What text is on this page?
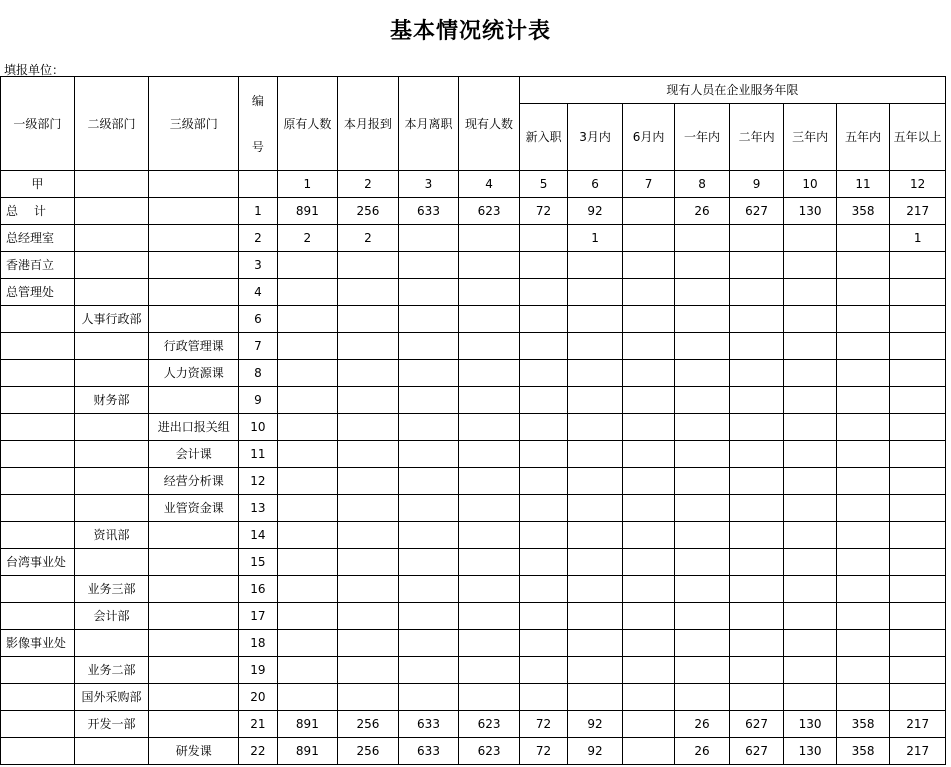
基本情况统计表
填报单位：
一级部门	二级部门	三级部门	编
号	原有人数	本月报到	本月离职	现有人数	现有人员在企业服务年限							
								新入职	3月内	6月内	一年内	二年内	三年内	五年内	五年以上
甲				1	2	3	4	5	6	7	8	9	10	11	12
总　 计			1	891	256	633	623	72	92		26	627	130	358	217
总经理室			2	2	2				1						1
香港百立			3												
总管理处			4												
	人事行政部		6												
		行政管理课	7												
		人力资源课	8												
	财务部		9												
		进出口报关组	10												
		会计课	11												
		经营分析课	12												
		业管资金课	13												
	资讯部		14												
台湾事业处			15												
	业务三部		16												
	会计部		17												
影像事业处			18												
	业务二部		19												
	国外采购部		20												
	开发一部		21	891	256	633	623	72	92		26	627	130	358	217
		研发课	22	891	256	633	623	72	92		26	627	130	358	217
